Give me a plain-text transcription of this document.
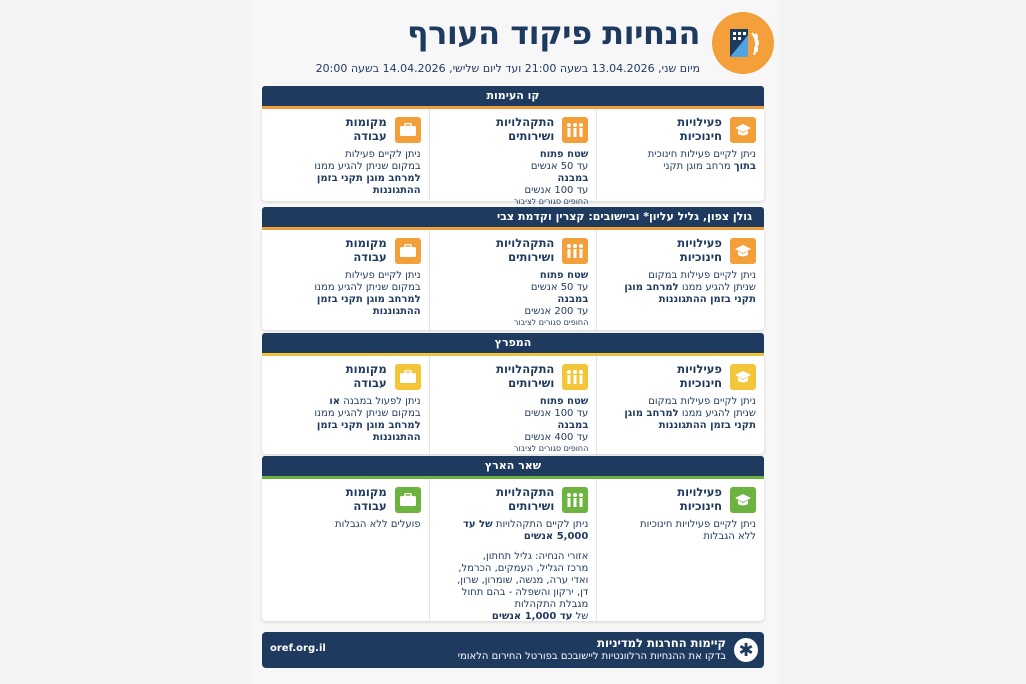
הנחיות פיקוד העורף
מיום שני, 13.04.2026 בשעה 21:00 ועד ליום שלישי, 14.04.2026 בשעה 20:00
קו העימות
פעילויות
חינוכיות
ניתן לקיים פעילות חינוכית
בתוך מרחב מוגן תקני
התקהלויות
ושירותים
שטח פתוח
עד 50 אנשים
במבנה
עד 100 אנשים
החופים סגורים לציבור
מקומות
עבודה
ניתן לקיים פעילות
במקום שניתן להגיע ממנו
למרחב מוגן תקני בזמן
ההתגוננות
גולן צפון, גליל עליון* וביישובים: קצרין וקדמת צבי
פעילויות
חינוכיות
ניתן לקיים פעילות במקום
שניתן להגיע ממנו למרחב מוגן
תקני בזמן ההתגוננות
התקהלויות
ושירותים
שטח פתוח
עד 50 אנשים
במבנה
עד 200 אנשים
החופים סגורים לציבור
מקומות
עבודה
ניתן לקיים פעילות
במקום שניתן להגיע ממנו
למרחב מוגן תקני בזמן
ההתגוננות
המפרץ
פעילויות
חינוכיות
ניתן לקיים פעילות במקום
שניתן להגיע ממנו למרחב מוגן
תקני בזמן ההתגוננות
התקהלויות
ושירותים
שטח פתוח
עד 100 אנשים
במבנה
עד 400 אנשים
החופים סגורים לציבור
מקומות
עבודה
ניתן לפעול במבנה או
במקום שניתן להגיע ממנו
למרחב מוגן תקני בזמן
ההתגוננות
שאר הארץ
פעילויות
חינוכיות
ניתן לקיים פעילויות חינוכיות
ללא הגבלות
התקהלויות
ושירותים
ניתן לקיים התקהלויות של עד
5,000 אנשים
אזורי הנחיה: גליל תחתון,
מרכז הגליל, העמקים, הכרמל,
ואדי ערה, מנשה, שומרון, שרון,
דן, ירקון והשפלה - בהם תחול
מגבלת התקהלות
של עד 1,000 אנשים
מקומות
עבודה
פועלים ללא הגבלות
✱
קיימות החרגות למדיניות
בדקו את ההנחיות הרלוונטיות ליישובכם בפורטל החירום הלאומי
oref.org.il
